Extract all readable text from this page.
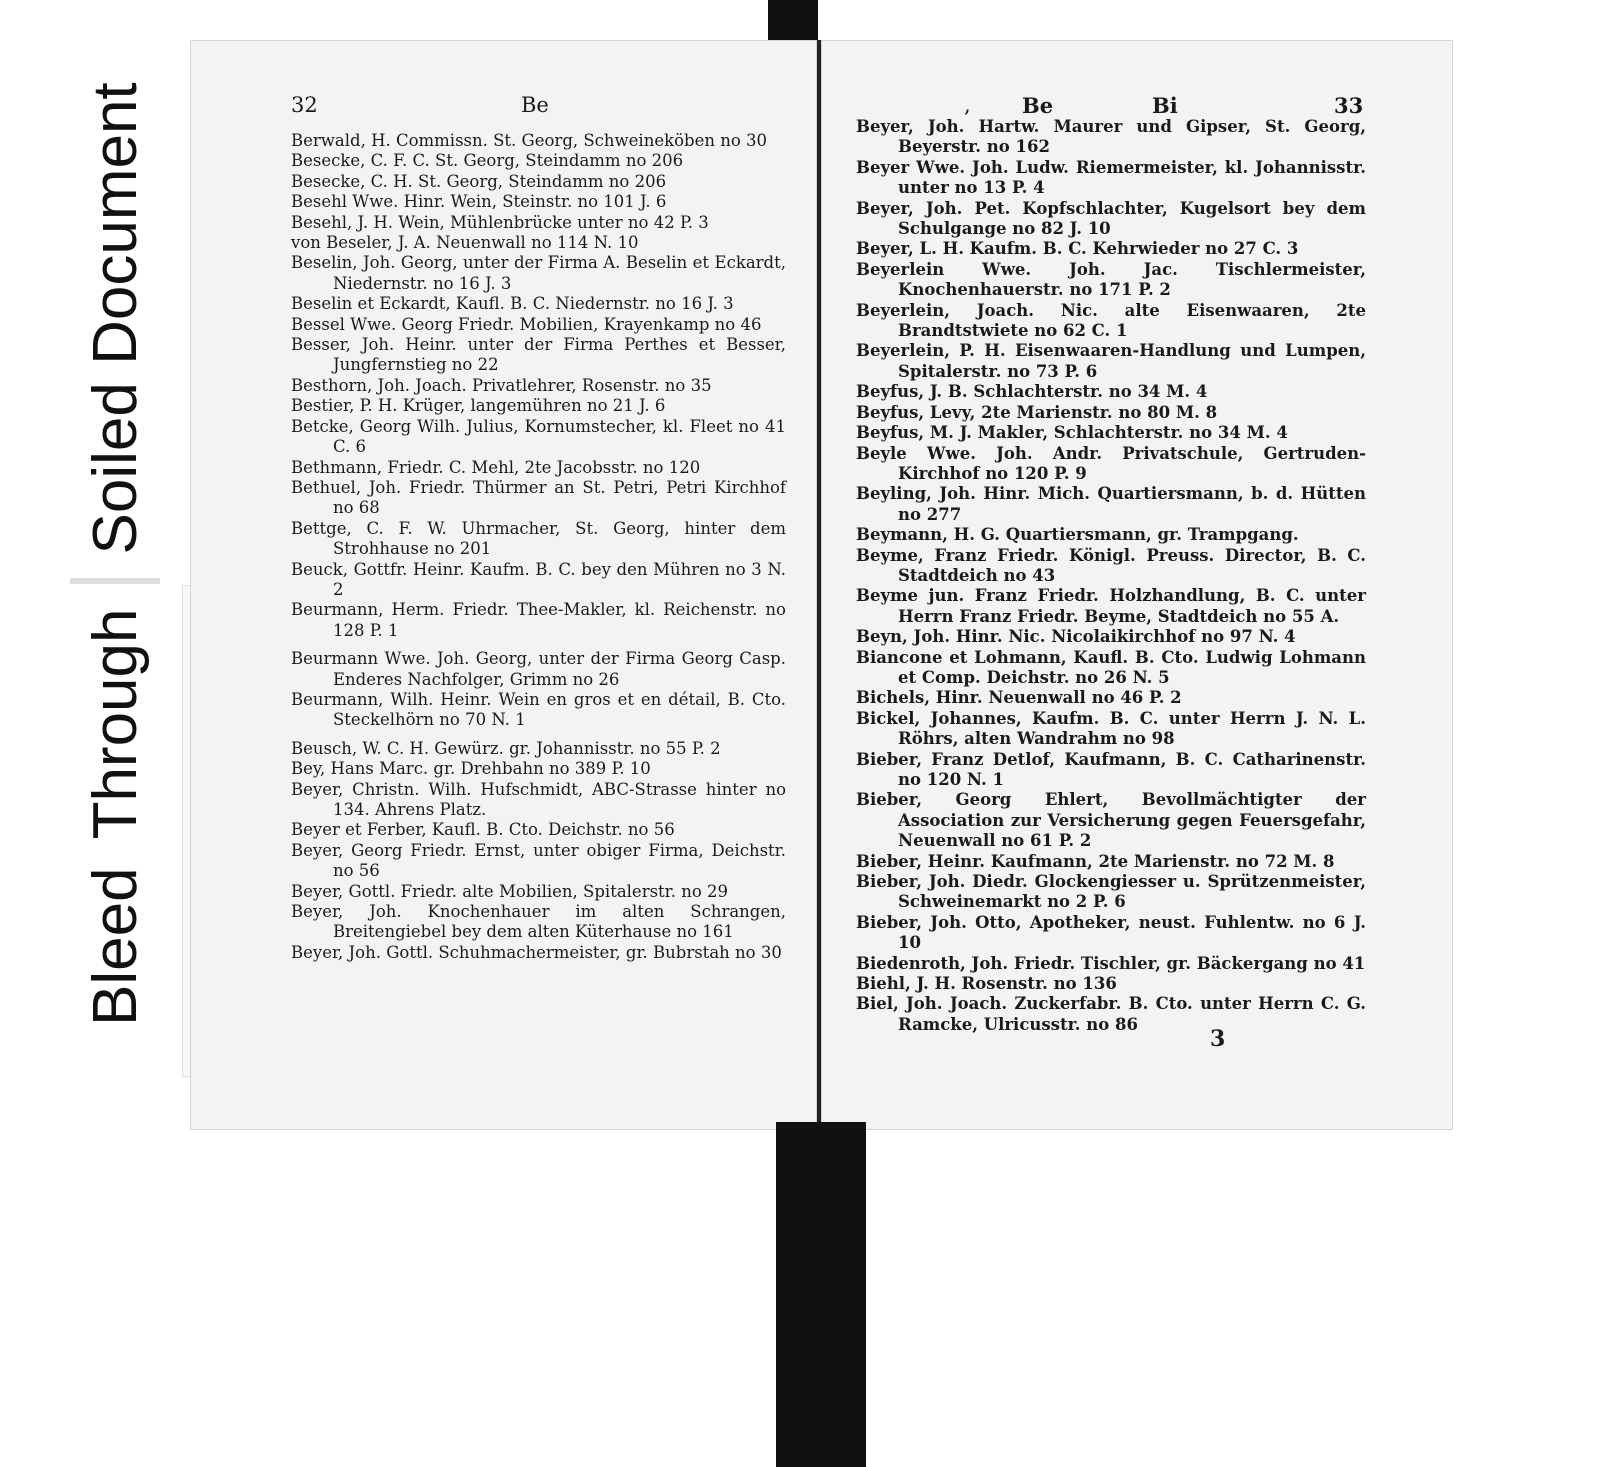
Bleed
Through
Soiled Document	32	Be

Berwald, H. Commissn. St. Georg, Schweineköben no 30

Besecke, C. F. C. St. Georg, Steindamm no 206

Besecke, C. H. St. Georg, Steindamm no 206

Besehl Wwe. Hinr. Wein, Steinstr. no 101 J. 6

Besehl, J. H. Wein, Mühlenbrücke unter no 42 P. 3

von Beseler, J. A. Neuenwall no 114 N. 10

Beselin, Joh. Georg, unter der Firma A. Beselin et Eckardt, Niedernstr. no 16 J. 3

Beselin et Eckardt, Kaufl. B. C. Niedernstr. no 16 J. 3

Bessel Wwe. Georg Friedr. Mobilien, Krayenkamp no 46

Besser, Joh. Heinr. unter der Firma Perthes et Besser, Jungfernstieg no 22

Besthorn, Joh. Joach. Privatlehrer, Rosenstr. no 35

Bestier, P. H. Krüger, langemühren no 21 J. 6

Betcke, Georg Wilh. Julius, Kornumstecher, kl. Fleet no 41 C. 6

Bethmann, Friedr. C. Mehl, 2te Jacobsstr. no 120

Bethuel, Joh. Friedr. Thürmer an St. Petri, Petri Kirchhof no 68

Bettge, C. F. W. Uhrmacher, St. Georg, hinter dem Strohhause no 201

Beuck, Gottfr. Heinr. Kaufm. B. C. bey den Mühren no 3 N. 2

Beurmann, Herm. Friedr. Thee-Makler, kl. Reichenstr. no 128 P. 1

Beurmann Wwe. Joh. Georg, unter der Firma Georg Casp. Enderes Nachfolger, Grimm no 26

Beurmann, Wilh. Heinr. Wein en gros et en détail, B. Cto. Steckelhörn no 70 N. 1

Beusch, W. C. H. Gewürz. gr. Johannisstr. no 55 P. 2

Bey, Hans Marc. gr. Drehbahn no 389 P. 10

Beyer, Christn. Wilh. Hufschmidt, ABC-Strasse hinter no 134. Ahrens Platz.

Beyer et Ferber, Kaufl. B. Cto. Deichstr. no 56

Beyer, Georg Friedr. Ernst, unter obiger Firma, Deichstr. no 56

Beyer, Gottl. Friedr. alte Mobilien, Spitalerstr. no 29

Beyer, Joh. Knochenhauer im alten Schrangen, Breitengiebel bey dem alten Küterhause no 161

Beyer, Joh. Gottl. Schuhmachermeister, gr. Bubrstah no 30

, Be	Bi	33

Beyer, Joh. Hartw. Maurer und Gipser, St. Georg, Beyerstr. no 162

Beyer Wwe. Joh. Ludw. Riemermeister, kl. Johannisstr. unter no 13 P. 4

Beyer, Joh. Pet. Kopfschlachter, Kugelsort bey dem Schulgange no 82 J. 10

Beyer, L. H. Kaufm. B. C. Kehrwieder no 27 C. 3

Beyerlein Wwe. Joh. Jac. Tischlermeister, Knochenhauerstr. no 171 P. 2

Beyerlein, Joach. Nic. alte Eisenwaaren, 2te Brandtstwiete no 62 C. 1

Beyerlein, P. H. Eisenwaaren-Handlung und Lumpen, Spitalerstr. no 73 P. 6

Beyfus, J. B. Schlachterstr. no 34 M. 4

Beyfus, Levy, 2te Marienstr. no 80 M. 8

Beyfus, M. J. Makler, Schlachterstr. no 34 M. 4

Beyle Wwe. Joh. Andr. Privatschule, Gertruden-Kirchhof no 120 P. 9

Beyling, Joh. Hinr. Mich. Quartiersmann, b. d. Hütten no 277

Beymann, H. G. Quartiersmann, gr. Trampgang.

Beyme, Franz Friedr. Königl. Preuss. Director, B. C. Stadtdeich no 43

Beyme jun. Franz Friedr. Holzhandlung, B. C. unter Herrn Franz Friedr. Beyme, Stadtdeich no 55 A.

Beyn, Joh. Hinr. Nic. Nicolaikirchhof no 97 N. 4

Biancone et Lohmann, Kaufl. B. Cto. Ludwig Lohmann et Comp. Deichstr. no 26 N. 5

Bichels, Hinr. Neuenwall no 46 P. 2

Bickel, Johannes, Kaufm. B. C. unter Herrn J. N. L. Röhrs, alten Wandrahm no 98

Bieber, Franz Detlof, Kaufmann, B. C. Catharinenstr. no 120 N. 1

Bieber, Georg Ehlert, Bevollmächtigter der Association zur Versicherung gegen Feuersgefahr, Neuenwall no 61 P. 2

Bieber, Heinr. Kaufmann, 2te Marienstr. no 72 M. 8

Bieber, Joh. Diedr. Glockengiesser u. Sprützenmeister, Schweinemarkt no 2 P. 6

Bieber, Joh. Otto, Apotheker, neust. Fuhlentw. no 6 J. 10

Biedenroth, Joh. Friedr. Tischler, gr. Bäckergang no 41

Biehl, J. H. Rosenstr. no 136

Biel, Joh. Joach. Zuckerfabr. B. Cto. unter Herrn C. G. Ramcke, Ulricusstr. no 86

3
